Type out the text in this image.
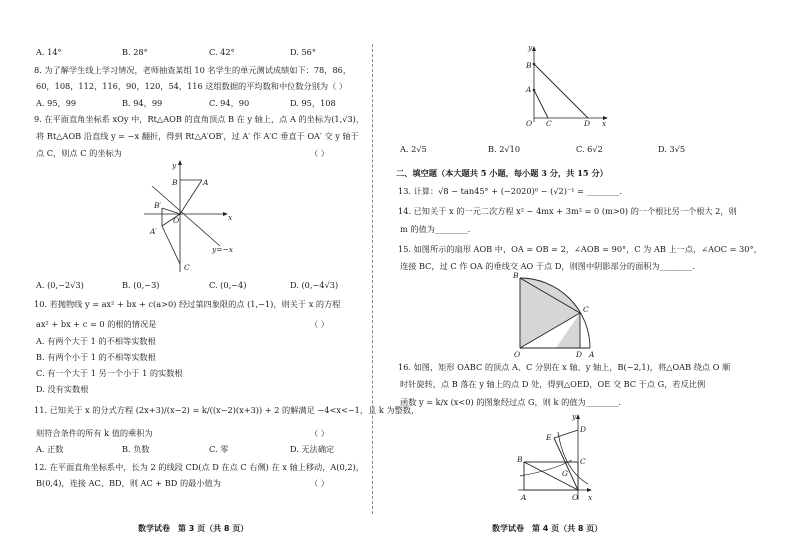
A. 14°	B. 28°	C. 42°	D. 56°
8. 为了解学生线上学习情况，老师抽查某组 10 名学生的单元测试成绩如下：78，86，
60，108，112，116，90，120，54，116 这组数据的平均数和中位数分别为（ ）
A. 95，99	B. 94，99	C. 94，90	D. 95，108
9. 在平面直角坐标系 xOy 中，Rt△AOB 的直角顶点 B 在 y 轴上，点 A 的坐标为(1,√3)，
将 Rt△AOB 沿直线 y = −x 翻折，得到 Rt△A′OB′，过 A′ 作 A′C 垂直于 OA′ 交 y 轴于
点 C，则点 C 的坐标为	（ ）
y
x
B	A
B′
O
A′
C
y=−x
A. (0,−2√3)	B. (0,−3)	C. (0,−4)	D. (0,−4√3)
10. 若抛物线 y = ax² + bx + c(a>0) 经过第四象限的点 (1,−1)，则关于 x 的方程
ax² + bx + c = 0 的根的情况是	（ ）
A. 有两个大于 1 的不相等实数根
B. 有两个小于 1 的不相等实数根
C. 有一个大于 1 另一个小于 1 的实数根
D. 没有实数根
11. 已知关于 x 的分式方程 (2x+3)/(x−2) = k/((x−2)(x+3)) + 2 的解满足 −4<x<−1，且 k 为整数，
则符合条件的所有 k 值的乘积为	（ ）
A. 正数	B. 负数	C. 零	D. 无法确定
12. 在平面直角坐标系中，长为 2 的线段 CD(点 D 在点 C 右侧) 在 x 轴上移动，A(0,2)，
B(0,4)，连接 AC、BD，则 AC + BD 的最小值为	（ ）
数学试卷　第 3 页（共 8 页）
y
B
A
O C	D x
A. 2√5	B. 2√10	C. 6√2	D. 3√5
二、填空题（本大题共 5 小题，每小题 3 分，共 15 分）
13. 计算：√8 − tan45° + (−2020)⁰ − (√2)⁻¹ = ________.
14. 已知关于 x 的一元二次方程 x² − 4mx + 3m² = 0 (m>0) 的一个根比另一个根大 2，则
m 的值为________.
15. 如图所示的扇形 AOB 中，OA = OB = 2，∠AOB = 90°，C 为 AB 上一点，∠AOC = 30°，
连接 BC，过 C 作 OA 的垂线交 AO 于点 D，则图中阴影部分的面积为________.
B
C
O	D A
16. 如图，矩形 OABC 的顶点 A、C 分别在 x 轴、y 轴上，B(−2,1)，将△OAB 绕点 O 顺
时针旋转，点 B 落在 y 轴上的点 D 处，得到△OED，OE 交 BC 于点 G，若反比例
函数 y = k/x (x<0) 的图象经过点 G，则 k 的值为________.
y
D
E
C
B
G
A	O x
数学试卷　第 4 页（共 8 页）
